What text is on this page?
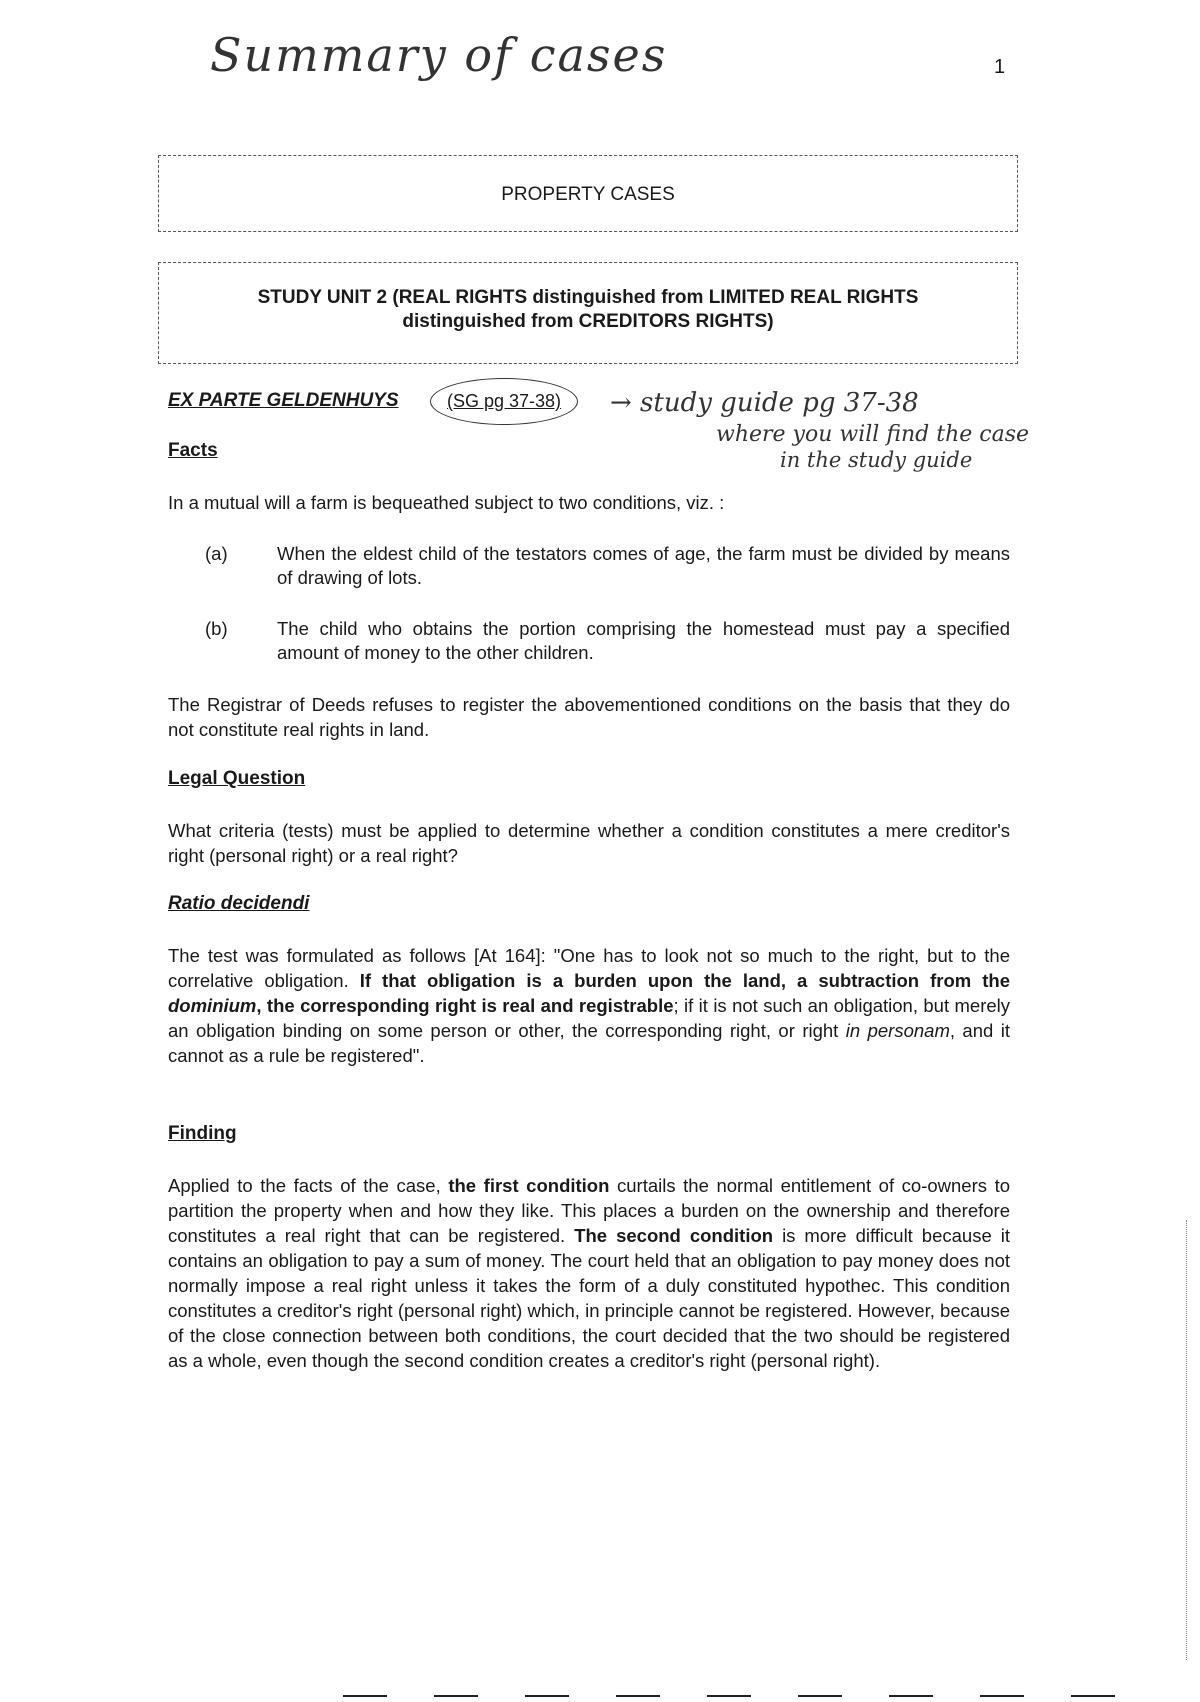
Summary of cases	1
PROPERTY CASES
STUDY UNIT 2 (REAL RIGHTS distinguished from LIMITED REAL RIGHTS
distinguished from CREDITORS RIGHTS)
EX PARTE GELDENHUYS	(SG pg 37-38)	→ study guide pg 37-38
where you will find the case
in the study guide
Facts
In a mutual will a farm is bequeathed subject to two conditions, viz. :
(a)	When the eldest child of the testators comes of age, the farm must be divided by means of drawing of lots.
(b)	The child who obtains the portion comprising the homestead must pay a specified amount of money to the other children.
The Registrar of Deeds refuses to register the abovementioned conditions on the basis that they do not constitute real rights in land.
Legal Question
What criteria (tests) must be applied to determine whether a condition constitutes a mere creditor's right (personal right) or a real right?
Ratio decidendi
The test was formulated as follows [At 164]: "One has to look not so much to the right, but to the correlative obligation. If that obligation is a burden upon the land, a subtraction from the dominium, the corresponding right is real and registrable; if it is not such an obligation, but merely an obligation binding on some person or other, the corresponding right, or right in personam, and it cannot as a rule be registered".
Finding
Applied to the facts of the case, the first condition curtails the normal entitlement of co-owners to partition the property when and how they like. This places a burden on the ownership and therefore constitutes a real right that can be registered. The second condition is more difficult because it contains an obligation to pay a sum of money. The court held that an obligation to pay money does not normally impose a real right unless it takes the form of a duly constituted hypothec. This condition constitutes a creditor's right (personal right) which, in principle cannot be registered. However, because of the close connection between both conditions, the court decided that the two should be registered as a whole, even though the second condition creates a creditor's right (personal right).
